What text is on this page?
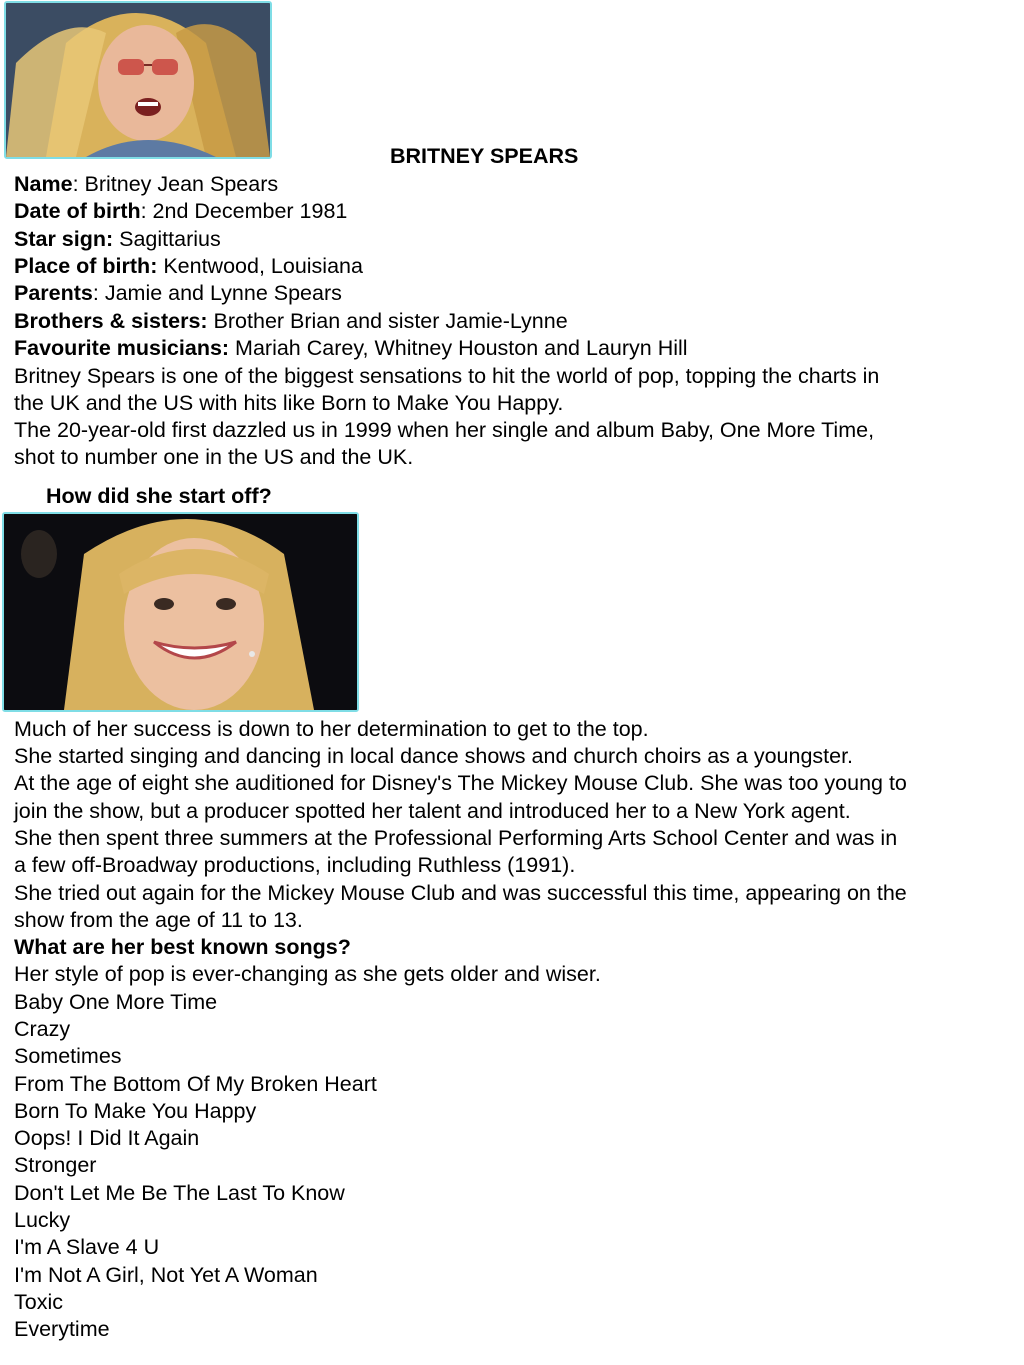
BRITNEY SPEARS
Name: Britney Jean Spears
Date of birth: 2nd December 1981
Star sign: Sagittarius
Place of birth: Kentwood, Louisiana
Parents: Jamie and Lynne Spears
Brothers & sisters: Brother Brian and sister Jamie-Lynne
Favourite musicians: Mariah Carey, Whitney Houston and Lauryn Hill
Britney Spears is one of the biggest sensations to hit the world of pop, topping the charts in
the UK and the US with hits like Born to Make You Happy.
The 20-year-old first dazzled us in 1999 when her single and album Baby, One More Time,
shot to number one in the US and the UK.
How did she start off?
Much of her success is down to her determination to get to the top.
She started singing and dancing in local dance shows and church choirs as a youngster.
At the age of eight she auditioned for Disney's The Mickey Mouse Club. She was too young to
join the show, but a producer spotted her talent and introduced her to a New York agent.
She then spent three summers at the Professional Performing Arts School Center and was in
a few off-Broadway productions, including Ruthless (1991).
She tried out again for the Mickey Mouse Club and was successful this time, appearing on the
show from the age of 11 to 13.
What are her best known songs?
Her style of pop is ever-changing as she gets older and wiser.
Baby One More Time
Crazy
Sometimes
From The Bottom Of My Broken Heart
Born To Make You Happy
Oops! I Did It Again
Stronger
Don't Let Me Be The Last To Know
Lucky
I'm A Slave 4 U
I'm Not A Girl, Not Yet A Woman
Toxic
Everytime
